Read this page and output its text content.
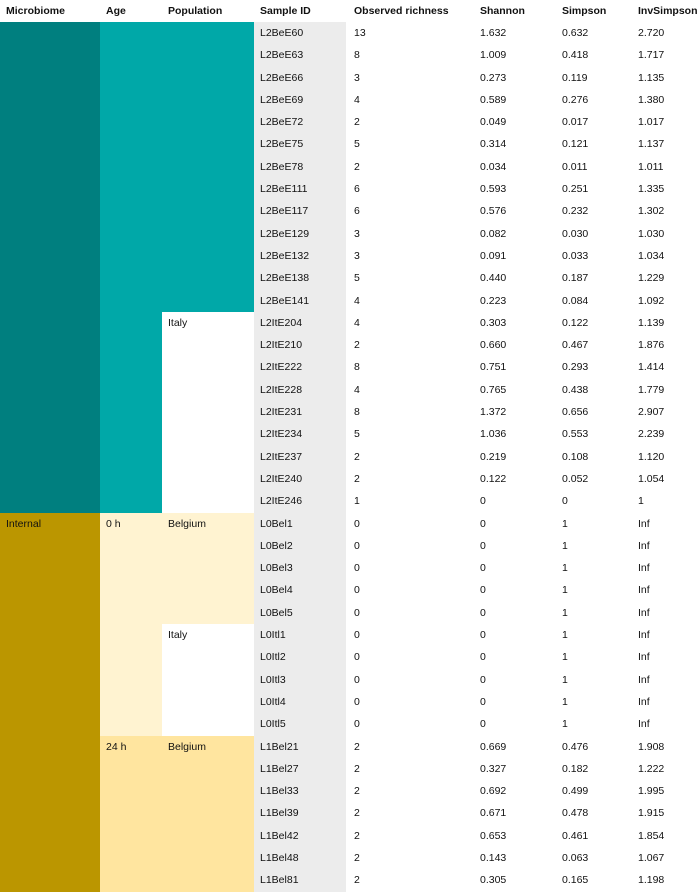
Microbiome	Age	Population	Sample ID	Observed richness	Shannon	Simpson	InvSimpson
			L2BeE60	13	1.632	0.632	2.720
			L2BeE63	8	1.009	0.418	1.717
			L2BeE66	3	0.273	0.119	1.135
			L2BeE69	4	0.589	0.276	1.380
			L2BeE72	2	0.049	0.017	1.017
			L2BeE75	5	0.314	0.121	1.137
			L2BeE78	2	0.034	0.011	1.011
			L2BeE111	6	0.593	0.251	1.335
			L2BeE117	6	0.576	0.232	1.302
			L2BeE129	3	0.082	0.030	1.030
			L2BeE132	3	0.091	0.033	1.034
			L2BeE138	5	0.440	0.187	1.229
			L2BeE141	4	0.223	0.084	1.092
		Italy	L2ItE204	4	0.303	0.122	1.139
			L2ItE210	2	0.660	0.467	1.876
			L2ItE222	8	0.751	0.293	1.414
			L2ItE228	4	0.765	0.438	1.779
			L2ItE231	8	1.372	0.656	2.907
			L2ItE234	5	1.036	0.553	2.239
			L2ItE237	2	0.219	0.108	1.120
			L2ItE240	2	0.122	0.052	1.054
			L2ItE246	1	0	0	1
Internal	0 h	Belgium	L0Bel1	0	0	1	Inf
			L0Bel2	0	0	1	Inf
			L0Bel3	0	0	1	Inf
			L0Bel4	0	0	1	Inf
			L0Bel5	0	0	1	Inf
		Italy	L0Itl1	0	0	1	Inf
			L0Itl2	0	0	1	Inf
			L0Itl3	0	0	1	Inf
			L0Itl4	0	0	1	Inf
			L0Itl5	0	0	1	Inf
	24 h	Belgium	L1Bel21	2	0.669	0.476	1.908
			L1Bel27	2	0.327	0.182	1.222
			L1Bel33	2	0.692	0.499	1.995
			L1Bel39	2	0.671	0.478	1.915
			L1Bel42	2	0.653	0.461	1.854
			L1Bel48	2	0.143	0.063	1.067
			L1Bel81	2	0.305	0.165	1.198
